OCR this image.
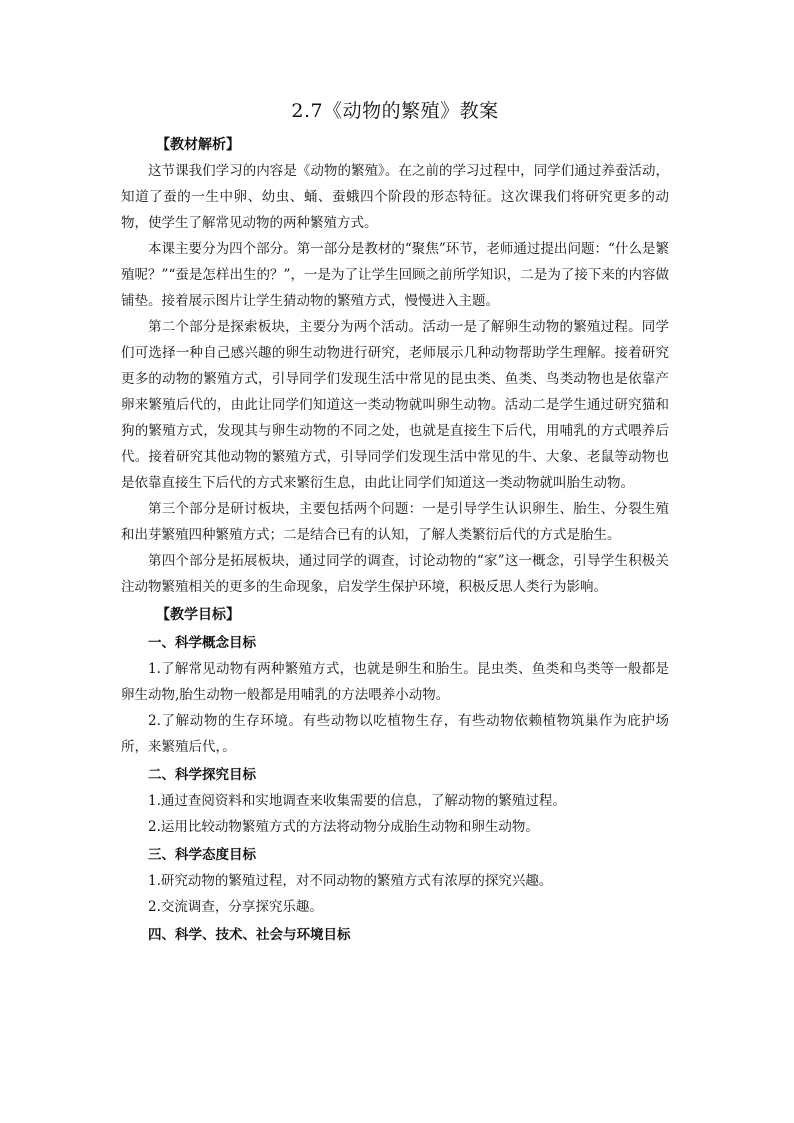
2.7《动物的繁殖》教案
【教材解析】

这节课我们学习的内容是《动物的繁殖》。在之前的学习过程中，同学们通过养蚕活动，知道了蚕的一生中卵、幼虫、蛹、蚕蛾四个阶段的形态特征。这次课我们将研究更多的动物，使学生了解常见动物的两种繁殖方式。

本课主要分为四个部分。第一部分是教材的“聚焦”环节，老师通过提出问题：“什么是繁殖呢？”“蚕是怎样出生的？”，一是为了让学生回顾之前所学知识，二是为了接下来的内容做铺垫。接着展示图片让学生猜动物的繁殖方式，慢慢进入主题。

第二个部分是探索板块，主要分为两个活动。活动一是了解卵生动物的繁殖过程。同学们可选择一种自己感兴趣的卵生动物进行研究，老师展示几种动物帮助学生理解。接着研究更多的动物的繁殖方式，引导同学们发现生活中常见的昆虫类、鱼类、鸟类动物也是依靠产卵来繁殖后代的，由此让同学们知道这一类动物就叫卵生动物。活动二是学生通过研究猫和狗的繁殖方式，发现其与卵生动物的不同之处，也就是直接生下后代，用哺乳的方式喂养后代。接着研究其他动物的繁殖方式，引导同学们发现生活中常见的牛、大象、老鼠等动物也是依靠直接生下后代的方式来繁衍生息，由此让同学们知道这一类动物就叫胎生动物。

第三个部分是研讨板块，主要包括两个问题：一是引导学生认识卵生、胎生、分裂生殖和出芽繁殖四种繁殖方式；二是结合已有的认知，了解人类繁衍后代的方式是胎生。

第四个部分是拓展板块，通过同学的调查，讨论动物的“家”这一概念，引导学生积极关注动物繁殖相关的更多的生命现象，启发学生保护环境，积极反思人类行为影响。

【教学目标】
一、科学概念目标

1.了解常见动物有两种繁殖方式，也就是卵生和胎生。昆虫类、鱼类和鸟类等一般都是卵生动物,胎生动物一般都是用哺乳的方法喂养小动物。

2.了解动物的生存环境。有些动物以吃植物生存，有些动物依赖植物筑巢作为庇护场所，来繁殖后代，。

二、科学探究目标

1.通过查阅资料和实地调查来收集需要的信息，了解动物的繁殖过程。

2.运用比较动物繁殖方式的方法将动物分成胎生动物和卵生动物。

三、科学态度目标

1.研究动物的繁殖过程，对不同动物的繁殖方式有浓厚的探究兴趣。

2.交流调查，分享探究乐趣。

四、科学、技术、社会与环境目标
